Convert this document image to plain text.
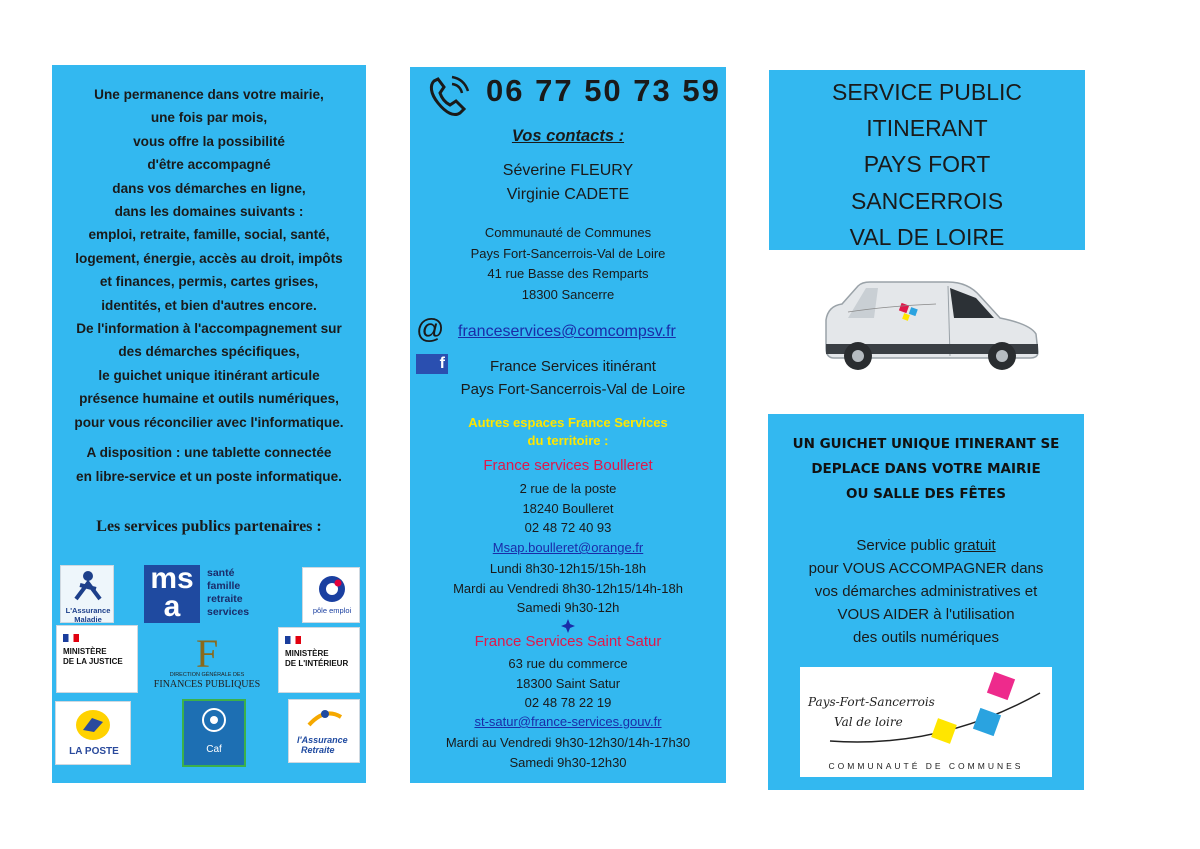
Une permanence dans votre mairie,
une fois par mois,
vous offre la possibilité
d'être accompagné
dans vos démarches en ligne,
dans les domaines suivants :
emploi, retraite, famille, social, santé,
logement, énergie, accès au droit, impôts
et finances, permis, cartes grises,
identités, et bien d'autres encore.
De l'information à l'accompagnement sur
des démarches spécifiques,
le guichet unique itinérant articule
présence humaine et outils numériques,
pour vous réconcilier avec l'informatique.
A disposition : une tablette connectée
en libre-service et un poste informatique.
Les services publics partenaires :
L'Assurance Maladie
ms
a
santé
famille
retraite
services	pôle emploi
MINISTÈRE
DE LA JUSTICE F
DIRECTION GÉNÉRALE DES
FINANCES PUBLIQUES
MINISTÈRE
DE L'INTÉRIEUR
LA POSTE	Caf
l'Assurance
Retraite
06 77 50 73 59
Vos contacts :
Séverine FLEURY
Virginie CADETE
Communauté de Communes
Pays Fort-Sancerrois-Val de Loire
41 rue Basse des Remparts
18300 Sancerre
@ franceservices@comcompsv.fr
f	France Services itinérant
Pays Fort-Sancerrois-Val de Loire
Autres espaces France Services
du territoire :
France services Boulleret
2 rue de la poste
18240 Boulleret
02 48 72 40 93
Msap.boulleret@orange.fr
Lundi 8h30-12h15/15h-18h
Mardi au Vendredi 8h30-12h15/14h-18h
Samedi 9h30-12h
France Services Saint Satur
63 rue du commerce
18300 Saint Satur
02 48 78 22 19
st-satur@france-services.gouv.fr
Mardi au Vendredi 9h30-12h30/14h-17h30
Samedi 9h30-12h30
SERVICE PUBLIC
ITINERANT
PAYS FORT
SANCERROIS
VAL DE LOIRE
UN GUICHET UNIQUE ITINERANT SE
DEPLACE DANS VOTRE MAIRIE
OU SALLE DES FÊTES
Service public gratuit
pour VOUS ACCOMPAGNER dans
vos démarches administratives et
VOUS AIDER à l'utilisation
des outils numériques
Pays-Fort-Sancerrois
Val de loire
COMMUNAUTÉ DE COMMUNES
